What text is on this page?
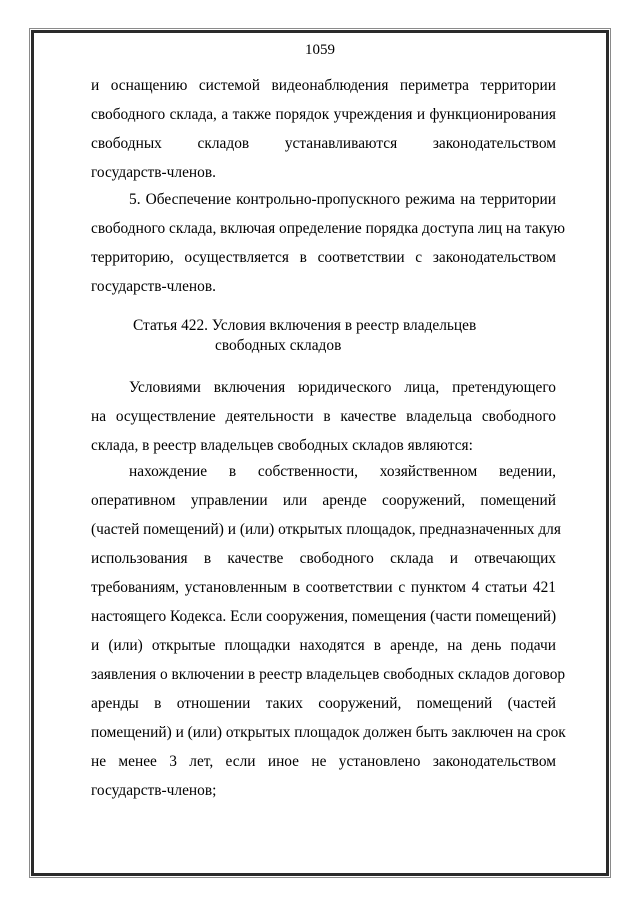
1059
и оснащению системой видеонаблюдения периметра территории
свободного склада, а также порядок учреждения и функционирования
свободных складов устанавливаются законодательством
государств-членов.
5. Обеспечение контрольно-пропускного режима на территории
свободного склада, включая определение порядка доступа лиц на такую
территорию, осуществляется в соответствии с законодательством
государств-членов.
Статья 422. Условия включения в реестр владельцев
свободных складов
Условиями включения юридического лица, претендующего
на осуществление деятельности в качестве владельца свободного
склада, в реестр владельцев свободных складов являются:
нахождение в собственности, хозяйственном ведении,
оперативном управлении или аренде сооружений, помещений
(частей помещений) и (или) открытых площадок, предназначенных для
использования в качестве свободного склада и отвечающих
требованиям, установленным в соответствии с пунктом 4 статьи 421
настоящего Кодекса. Если сооружения, помещения (части помещений)
и (или) открытые площадки находятся в аренде, на день подачи
заявления о включении в реестр владельцев свободных складов договор
аренды в отношении таких сооружений, помещений (частей
помещений) и (или) открытых площадок должен быть заключен на срок
не менее 3 лет, если иное не установлено законодательством
государств-членов;
